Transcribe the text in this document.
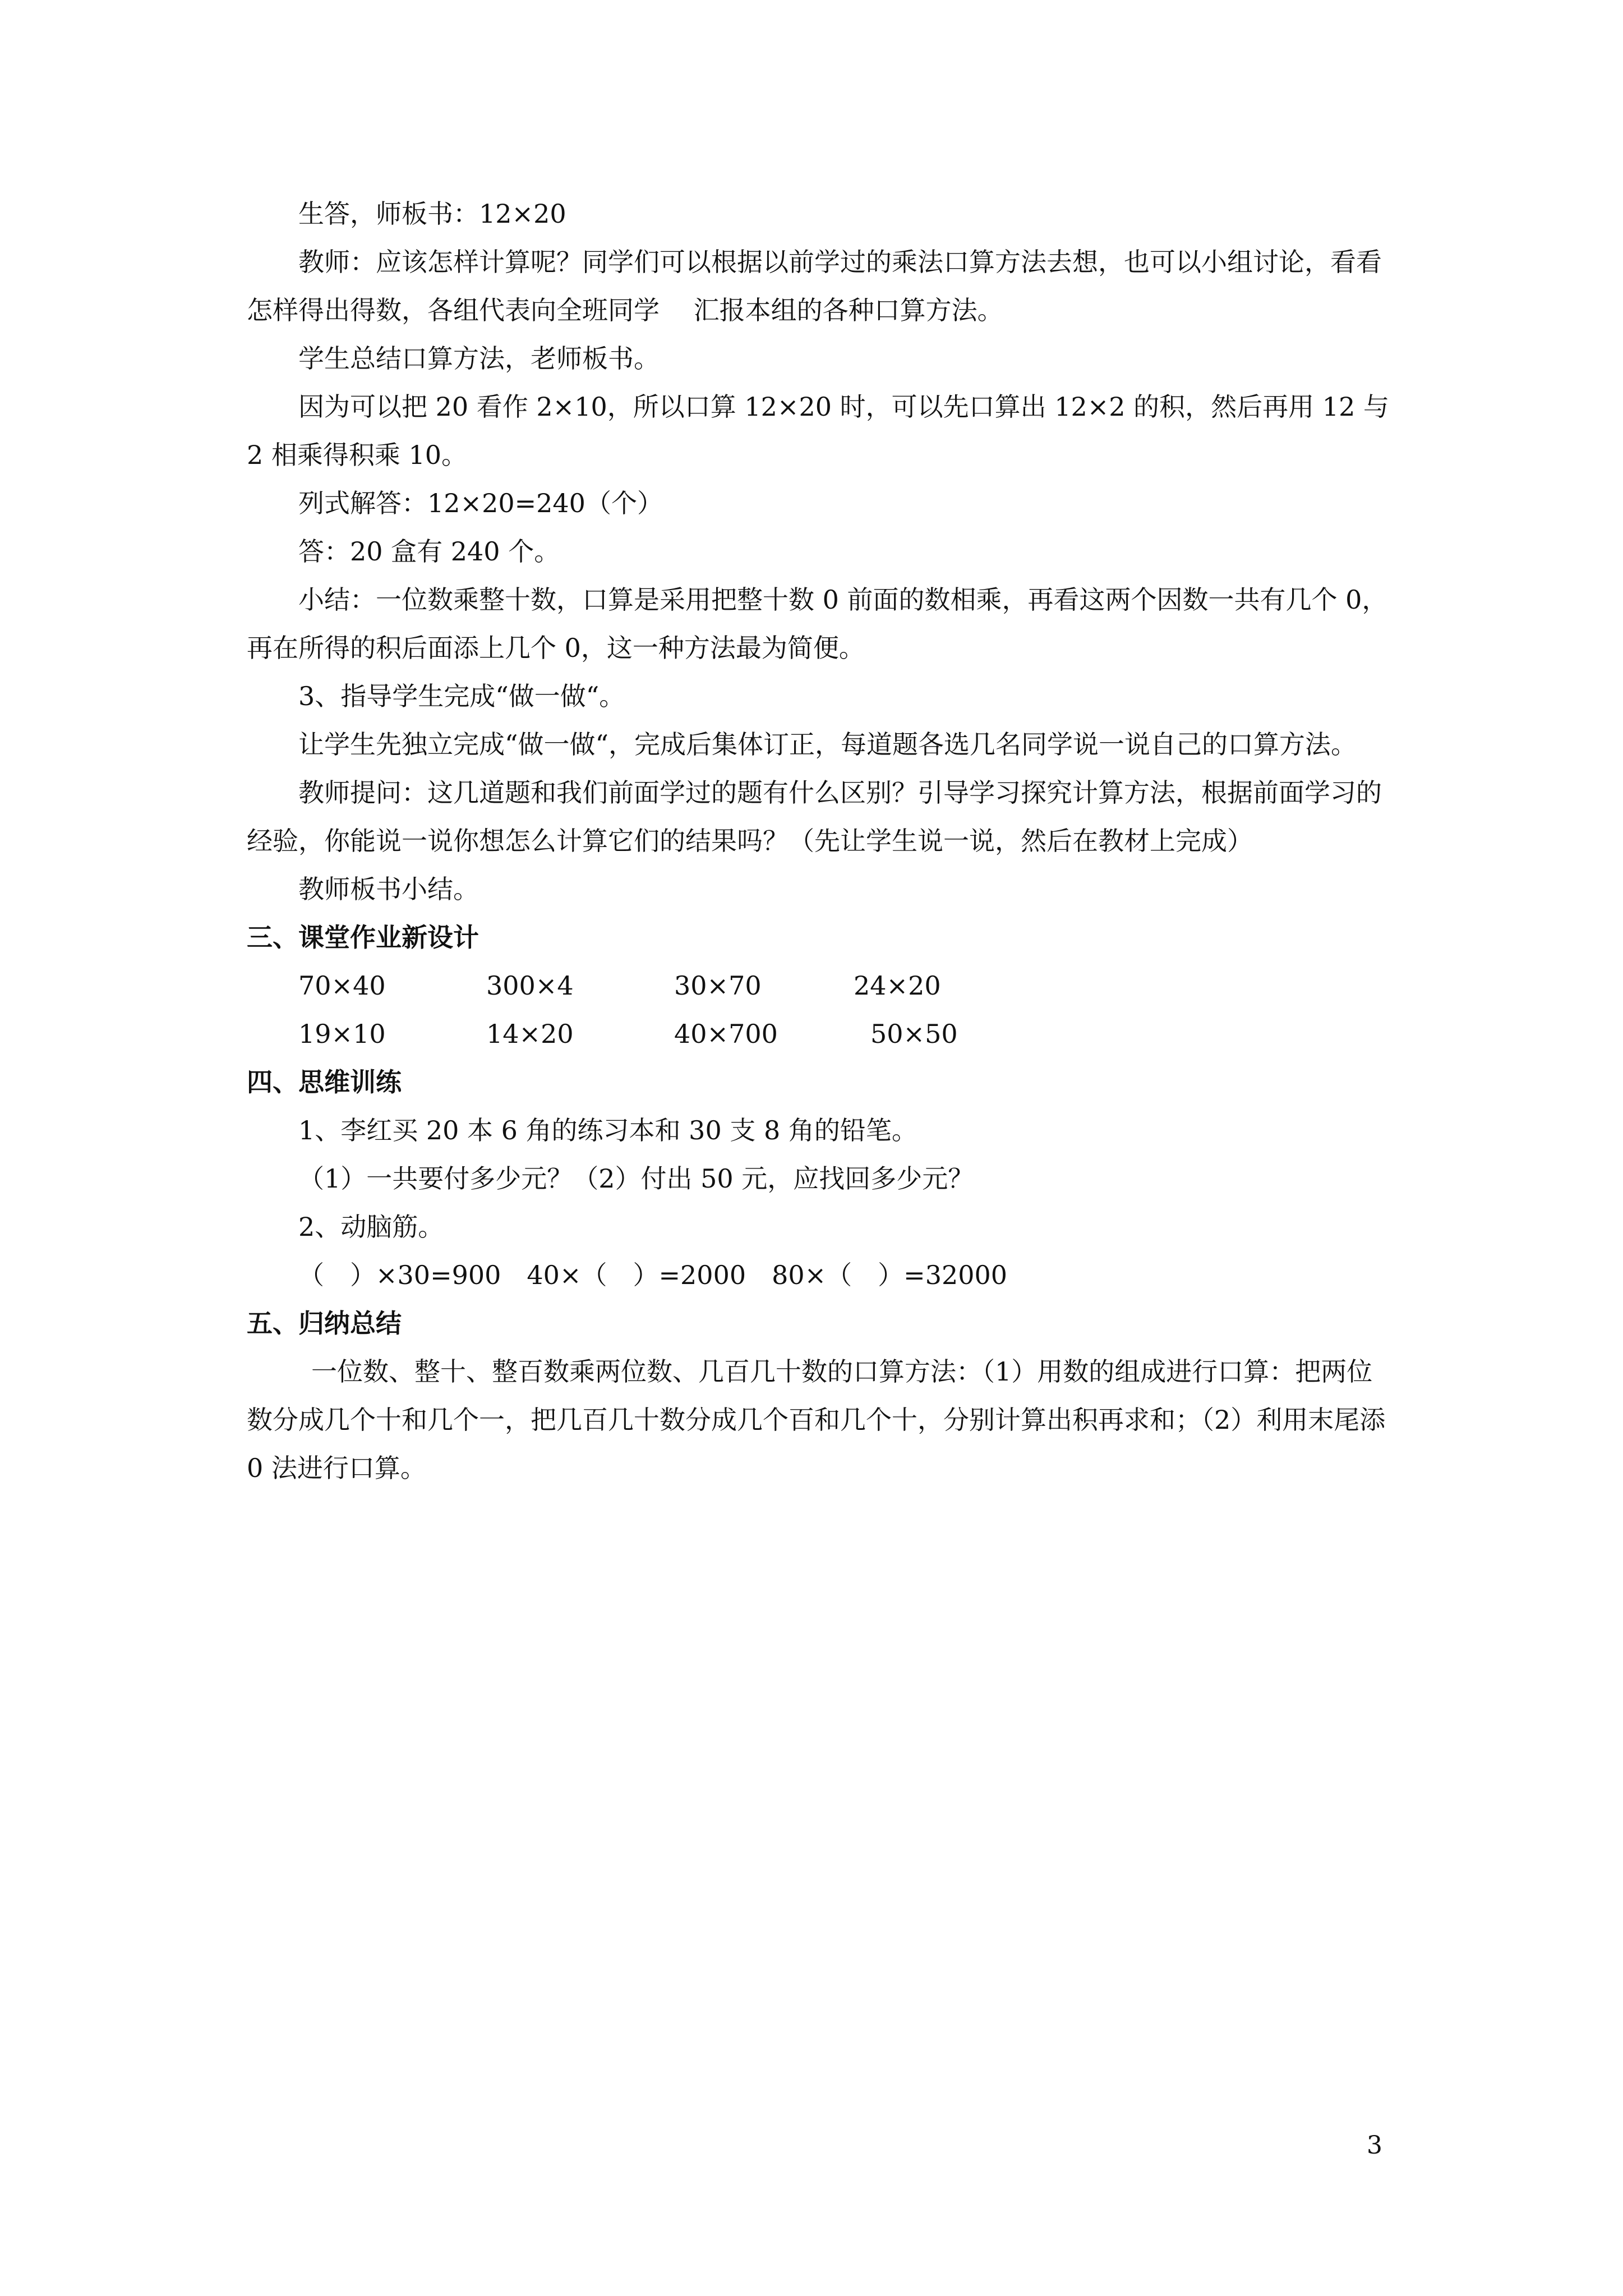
生答，师板书：12×20

教师：应该怎样计算呢？同学们可以根据以前学过的乘法口算方法去想，也可以小组讨论，看看怎样得出得数，各组代表向全班同学 　汇报本组的各种口算方法。

学生总结口算方法，老师板书。

因为可以把 20 看作 2×10，所以口算 12×20 时，可以先口算出 12×2 的积，然后再用 12 与 2 相乘得积乘 10。

列式解答：12×20=240（个）

答：20 盒有 240 个。

小结：一位数乘整十数，口算是采用把整十数 0 前面的数相乘，再看这两个因数一共有几个 0，再在所得的积后面添上几个 0，这一种方法最为简便。

3、指导学生完成“做一做“。

让学生先独立完成“做一做“，完成后集体订正，每道题各选几名同学说一说自己的口算方法。

教师提问：这几道题和我们前面学过的题有什么区别？引导学习探究计算方法，根据前面学习的经验，你能说一说你想怎么计算它们的结果吗？（先让学生说一说，然后在教材上完成）

教师板书小结。

三、课堂作业新设计

70×40	300×4	30×70	24×20
19×10	14×20	40×700	50×50

四、思维训练

1、李红买 20 本 6 角的练习本和 30 支 8 角的铅笔。

（1）一共要付多少元？（2）付出 50 元，应找回多少元？

2、动脑筋。

（　）×30=900　40×（　）=2000　80×（　）=32000

五、归纳总结

一位数、整十、整百数乘两位数、几百几十数的口算方法：（1）用数的组成进行口算：把两位数分成几个十和几个一，把几百几十数分成几个百和几个十，分别计算出积再求和；（2）利用末尾添 0 法进行口算。

3
